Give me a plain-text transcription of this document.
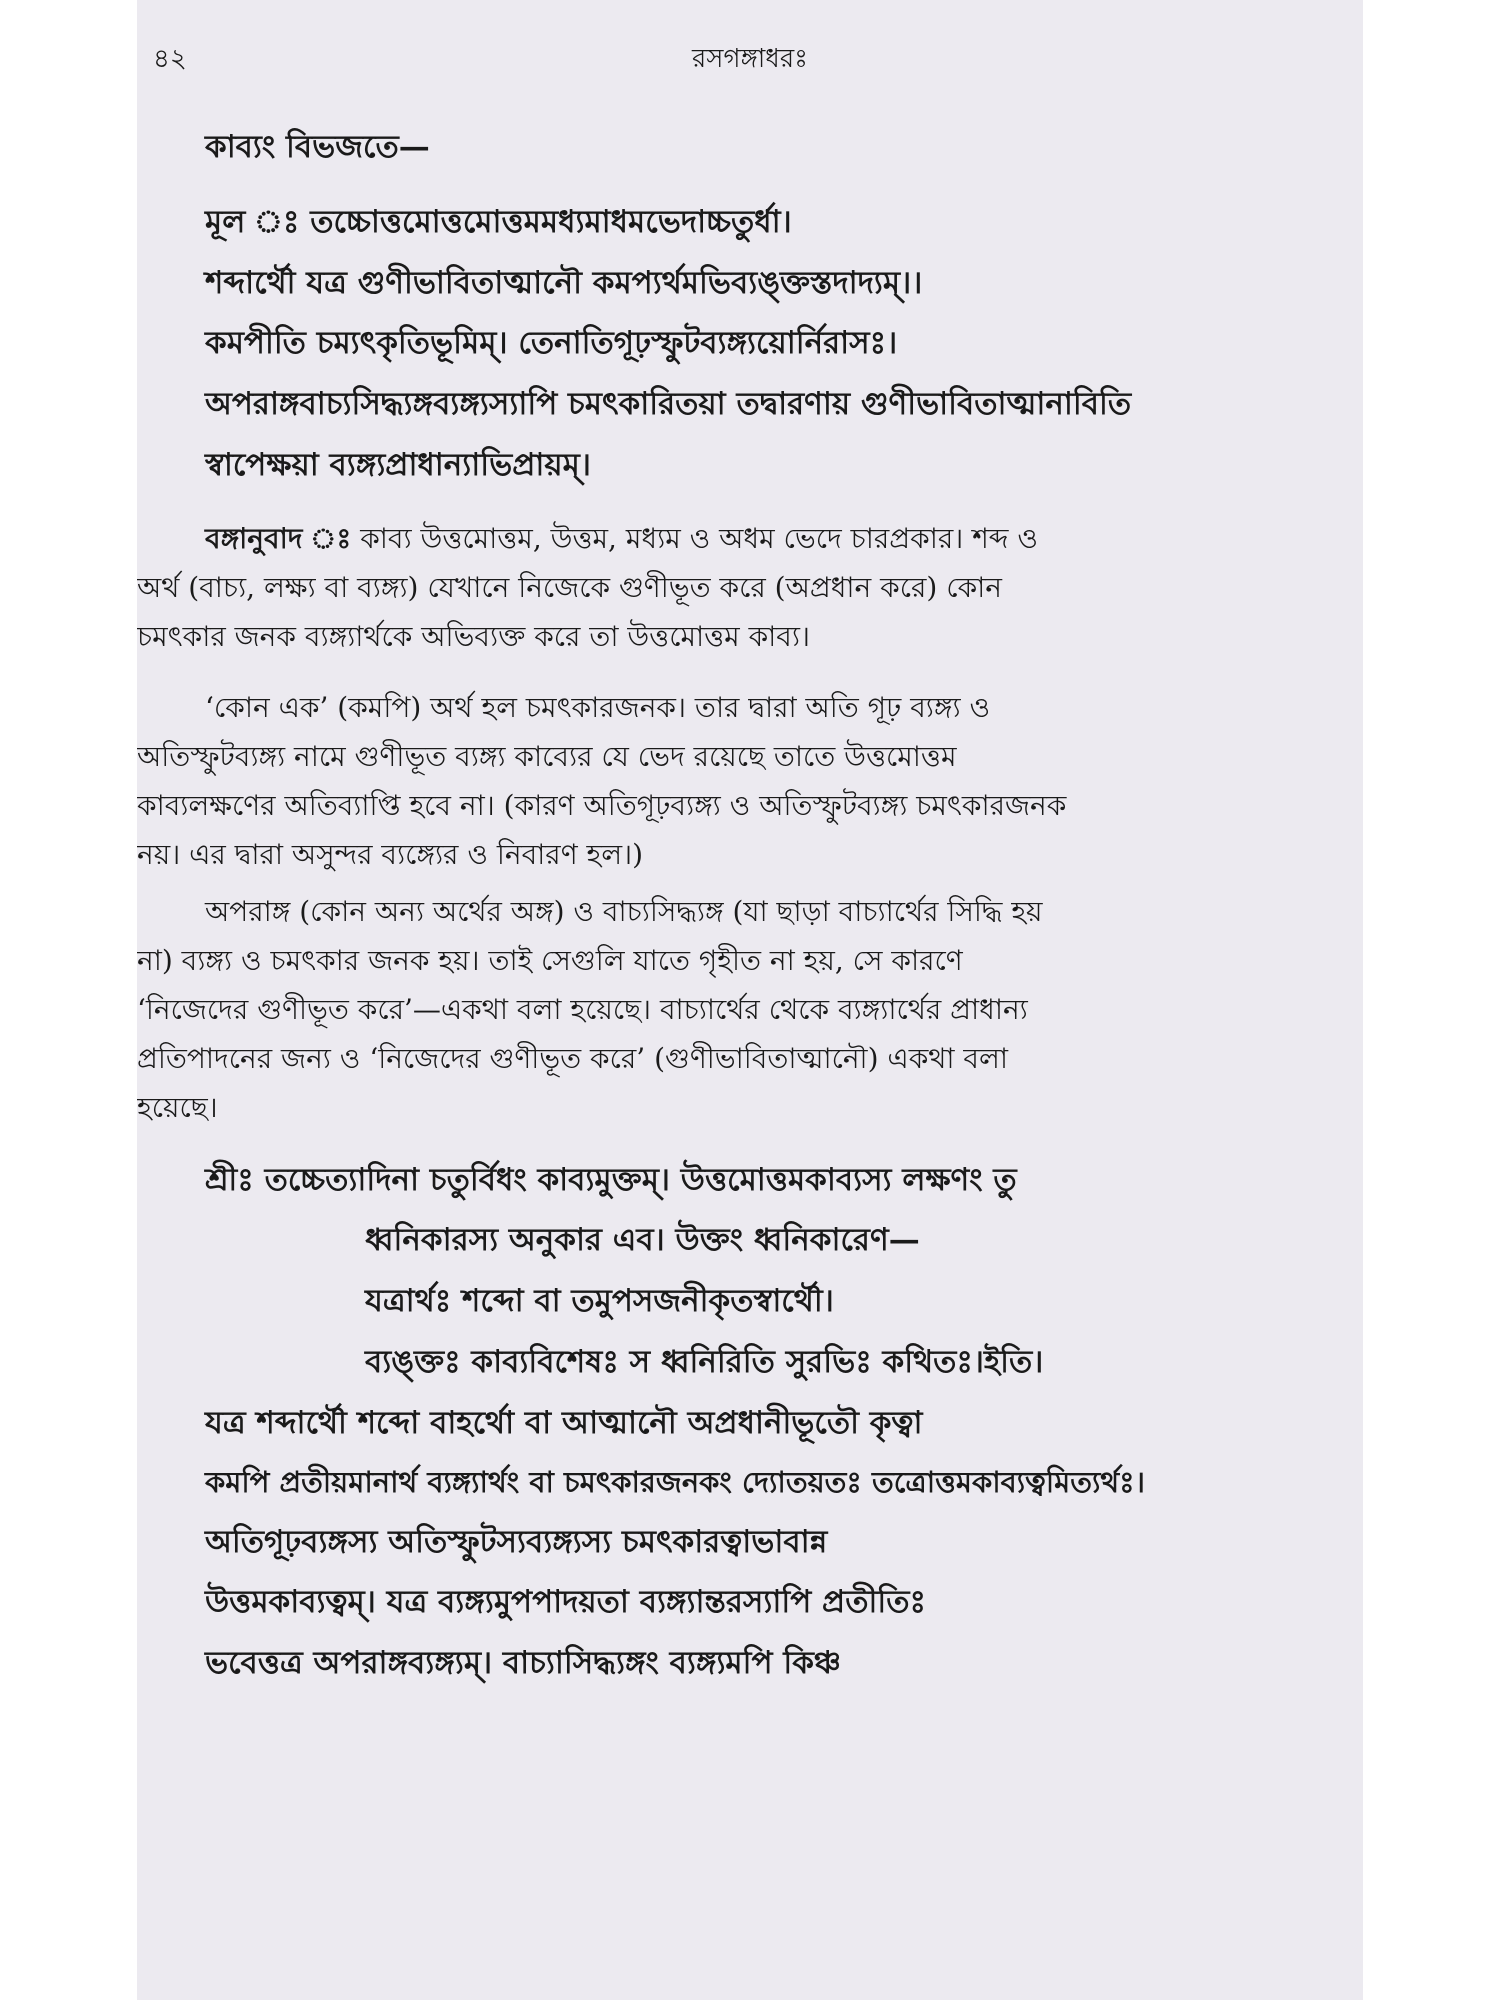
৪২	রসগঙ্গাধরঃ
কাব্যং বিভজতে—
মূল ঃ তচ্চোত্তমোত্তমোত্তমমধ্যমাধমভেদাচ্চতুর্ধা।
শব্দার্থৌ যত্র গুণীভাবিতাত্মানৌ কমপ্যর্থমভিব্যঙ্ক্তস্তদাদ্যম্।।
কমপীতি চম্যৎকৃতিভূমিম্। তেনাতিগূঢ়স্ফুটব্যঙ্গ্যয়োর্নিরাসঃ।
অপরাঙ্গবাচ্যসিদ্ধ্যঙ্গব্যঙ্গ্যস্যাপি চমৎকারিতয়া তদ্বারণায় গুণীভাবিতাত্মানাবিতি
স্বাপেক্ষয়া ব্যঙ্গ্যপ্রাধান্যাভিপ্রায়ম্।
বঙ্গানুবাদ ঃ কাব্য উত্তমোত্তম, উত্তম, মধ্যম ও অধম ভেদে চারপ্রকার। শব্দ ও
অর্থ (বাচ্য, লক্ষ্য বা ব্যঙ্গ্য) যেখানে নিজেকে গুণীভূত করে (অপ্রধান করে) কোন
চমৎকার জনক ব্যঙ্গ্যার্থকে অভিব্যক্ত করে তা উত্তমোত্তম কাব্য।
‘কোন এক’ (কমপি) অর্থ হল চমৎকারজনক। তার দ্বারা অতি গূঢ় ব্যঙ্গ্য ও
অতিস্ফুটব্যঙ্গ্য নামে গুণীভূত ব্যঙ্গ্য কাব্যের যে ভেদ রয়েছে তাতে উত্তমোত্তম
কাব্যলক্ষণের অতিব্যাপ্তি হবে না। (কারণ অতিগূঢ়ব্যঙ্গ্য ও অতিস্ফুটব্যঙ্গ্য চমৎকারজনক
নয়। এর দ্বারা অসুন্দর ব্যঙ্গ্যের ও নিবারণ হল।)
অপরাঙ্গ (কোন অন্য অর্থের অঙ্গ) ও বাচ্যসিদ্ধ্যঙ্গ (যা ছাড়া বাচ্যার্থের সিদ্ধি হয়
না) ব্যঙ্গ্য ও চমৎকার জনক হয়। তাই সেগুলি যাতে গৃহীত না হয়, সে কারণে
‘নিজেদের গুণীভূত করে’—একথা বলা হয়েছে। বাচ্যার্থের থেকে ব্যঙ্গ্যার্থের প্রাধান্য
প্রতিপাদনের জন্য ও ‘নিজেদের গুণীভূত করে’ (গুণীভাবিতাত্মানৌ) একথা বলা
হয়েছে।
শ্রীঃ তচ্চেত্যাদিনা চতুর্বিধং কাব্যমুক্তম্। উত্তমোত্তমকাব্যস্য লক্ষণং তু
ধ্বনিকারস্য অনুকার এব। উক্তং ধ্বনিকারেণ—
যত্রার্থঃ শব্দো বা তমুপসজনীকৃতস্বার্থৌ।
ব্যঙ্ক্তঃ কাব্যবিশেষঃ স ধ্বনিরিতি সুরভিঃ কথিতঃ।ইতি।
যত্র শব্দার্থৌ শব্দো বাহর্থো বা আত্মানৌ অপ্রধানীভূতৌ কৃত্বা
কমপি প্রতীয়মানার্থ ব্যঙ্গ্যার্থং বা চমৎকারজনকং দ্যোতয়তঃ তত্রোত্তমকাব্যত্বমিত্যর্থঃ।
অতিগূঢ়ব্যঙ্গস্য অতিস্ফুটস্যব্যঙ্গ্যস্য চমৎকারত্বাভাবান্ন
উত্তমকাব্যত্বম্। যত্র ব্যঙ্গ্যমুপপাদয়তা ব্যঙ্গ্যান্তরস্যাপি প্রতীতিঃ
ভবেত্তত্র অপরাঙ্গব্যঙ্গ্যম্। বাচ্যাসিদ্ধ্যঙ্গং ব্যঙ্গ্যমপি কিঞ্চ
